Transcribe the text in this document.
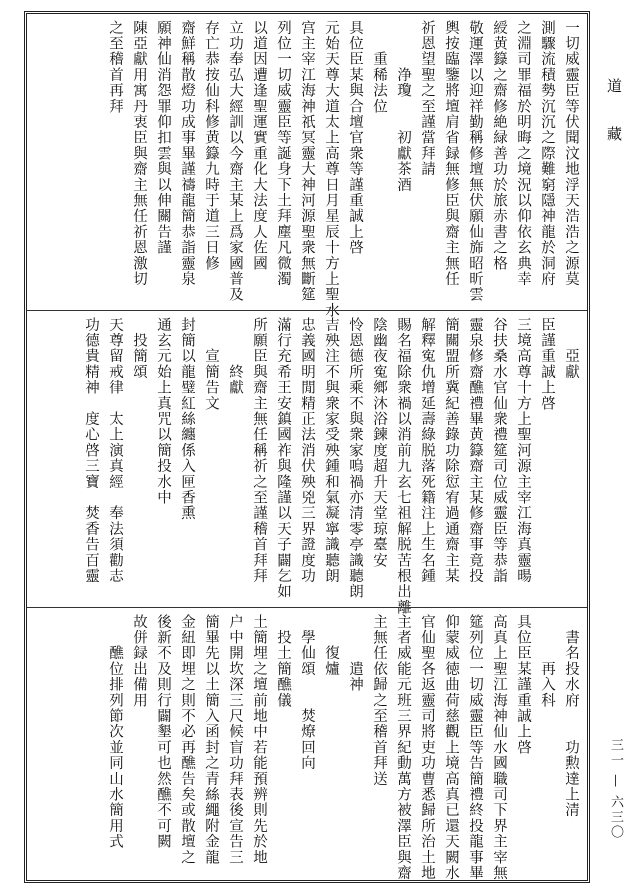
一切威靈臣等伏聞汶地浮天浩浩之源莫
測驟流積勢沉沉之際難窮隱神龍於洞府
之淵司罪福於明晦之境況以仰依玄典幸
綬黄籙之齋修絶緑善功於旅赤書之格
敬運澤以迎祥勤稱修壇無伏願仙旆昭昕雲
輿按臨鑒將壇肩省録無修臣與齋主無任
祈恩望聖之至謹當拜請
　　　浄瓊　　初獻茶酒
　　重稀法位
具位臣某與合壇官衆等謹重誠上啓
元始天尊大道太上高尊日月星辰十方上聖水
宫主宰江海神祇冥靈大神河源聖衆無斷筵
列位一切威靈臣等誕身下土拜塵凡微濁
以道因遭逢聖運實重化大法度人佐國
立功奉弘大經訓以今齋主某上爲家國普及
存亡恭按仙科修黄籙九時于道三日修
齋鮮稱散燈功成事畢謹禱龍簡恭詣靈泉
願神仙消怨罪仰扣雲與以伸關告謹
陳亞獻用寓丹衷臣與齋主無任祈恩激切
之至稽首再拜
　　亞獻
臣謹重誠上啓
三境高尊十方上聖河源主宰江海真靈暘
谷扶桑水官仙衆禮筵司位威靈臣等恭詣
靈泉修齋醮禮畢黄籙齋主某修齋事竟投
簡關盟所冀紀善錄功除愆宥過通齋主某
解釋寃仇增延壽綠脱落死籍注上生名鍾
賜名福除衆禍以消前九玄七祖解脱苦根出離
陰幽夜寃鄉沐浴鍊度超升天堂琼臺安
怜恩德所乘不與衆家嗚禍亦清零亭識聽朗
吉殃注不與衆家受殃鍾和氣凝寧識聽朗
忠義國明閒精正法消伏殃兇三界證度功
滿行充希王安鎮國祚與隆謹以天子闢乞如
所願臣與齋主無任稱祈之至謹稽首拜拜
　　　終獻
　　宣簡告文
封簡以龍璧紅絲纏係入匣香熏
通玄元始上真咒以簡投水中
　投簡頌
天尊留戒律　太上演真經　奉法須勸志
功德貴精神　度心啓三寶　焚香告百靈
　書名投水府　　功勲達上清
　　　再入科
具位臣某謹重誠上啓
高真上聖江海神仙水國職司下界主宰無
筵列位一切威靈臣等告簡禮終投龍事畢
仰蒙威徳曲荷慈觀上境高真已還天闕水
官仙聖各返靈司將吏功曹悉歸所治土地
主者威能元班三界紀動萬方被澤臣與齋
主無任依歸之至稽首拜送
　　　遣神
　　復爐
　學仙頌　　焚燎回向
　投土簡醮儀
土簡埋之壇前地中若能預辨則先於地
户中開坎深三尺候盲功拜表後宣告三
簡畢先以土簡入函封之青絲繩附金龍
金紐即埋之則不必再醮告矣或散壇之
後新不及則行闢墾可也然醮不可闕
故併録出備用
　　醮位排列節次並同山水簡用式
道 藏
三一 — 六三〇
